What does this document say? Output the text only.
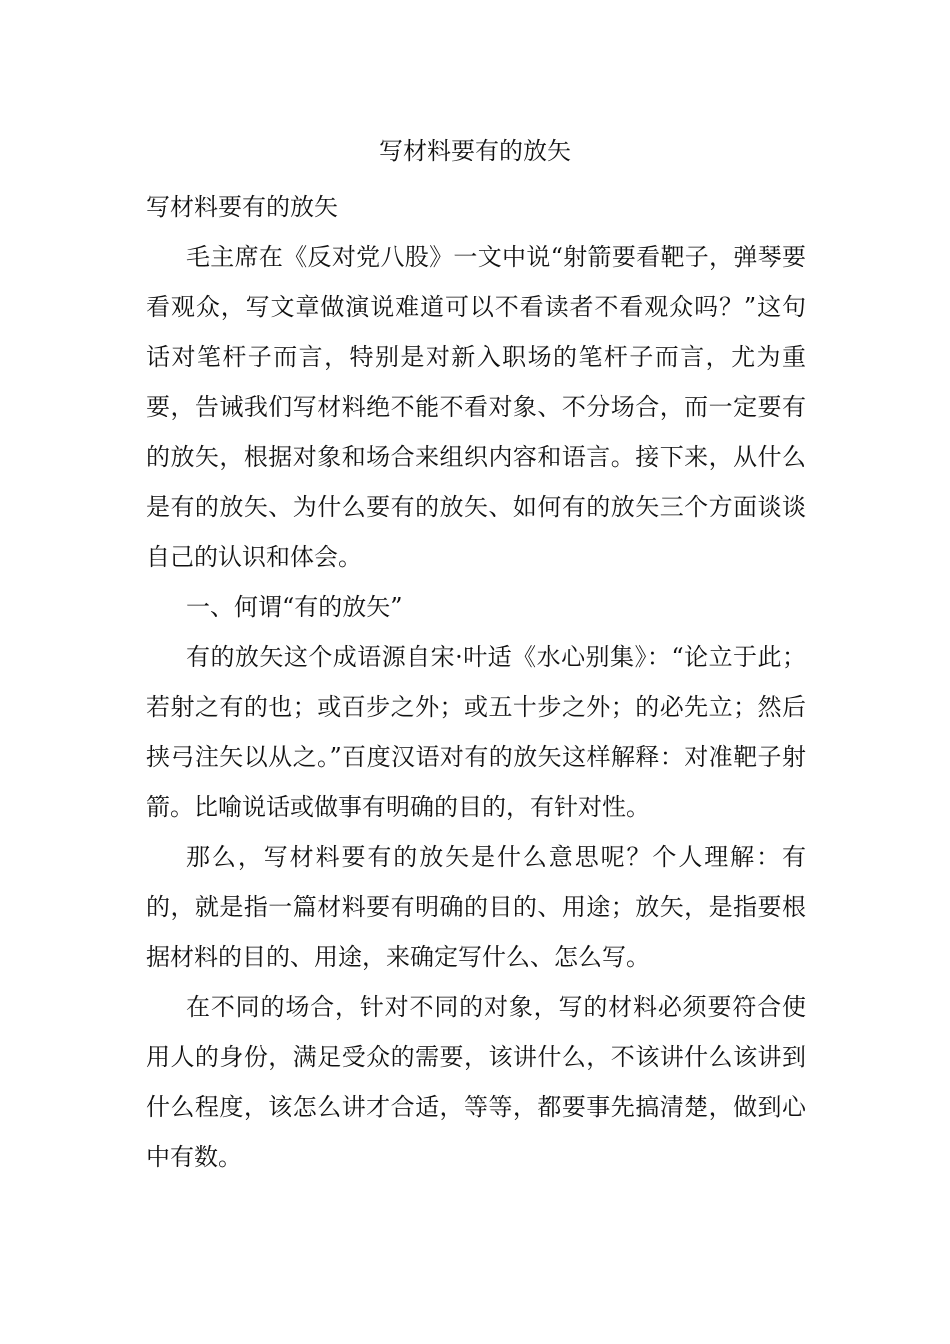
写材料要有的放矢

写材料要有的放矢

毛主席在《反对党八股》一文中说“射箭要看靶子，弹琴要看观众，写文章做演说难道可以不看读者不看观众吗？”这句话对笔杆子而言，特别是对新入职场的笔杆子而言，尤为重要，告诫我们写材料绝不能不看对象、不分场合，而一定要有的放矢，根据对象和场合来组织内容和语言。接下来，从什么是有的放矢、为什么要有的放矢、如何有的放矢三个方面谈谈自己的认识和体会。

一、何谓“有的放矢”

有的放矢这个成语源自宋·叶适《水心别集》：“论立于此；若射之有的也；或百步之外；或五十步之外；的必先立；然后挟弓注矢以从之。”百度汉语对有的放矢这样解释：对准靶子射箭。比喻说话或做事有明确的目的，有针对性。

那么，写材料要有的放矢是什么意思呢？个人理解：有的，就是指一篇材料要有明确的目的、用途；放矢，是指要根据材料的目的、用途，来确定写什么、怎么写。

在不同的场合，针对不同的对象，写的材料必须要符合使用人的身份，满足受众的需要，该讲什么，不该讲什么该讲到什么程度，该怎么讲才合适，等等，都要事先搞清楚，做到心中有数。
